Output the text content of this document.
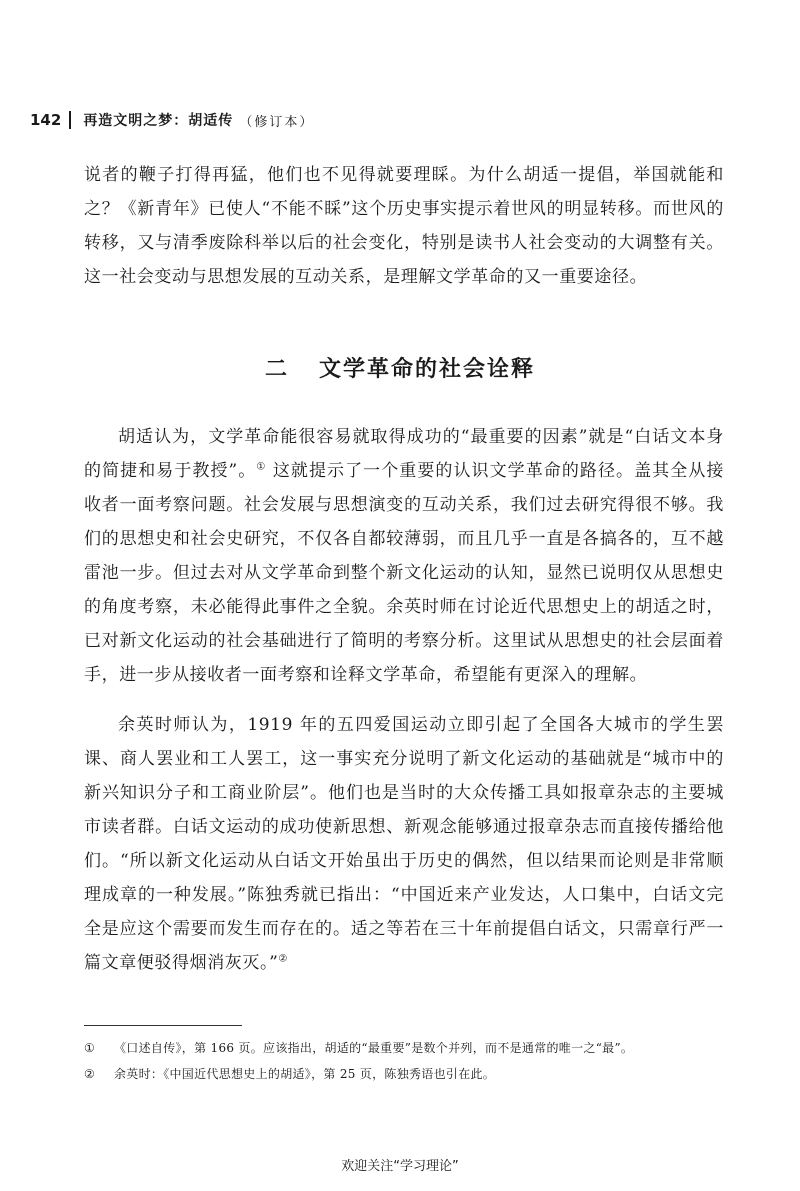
142 再造文明之梦：胡适传 （修订本）
说者的鞭子打得再猛，他们也不见得就要理睬。为什么胡适一提倡，举国就能和之？《新青年》已使人“不能不睬”这个历史事实提示着世风的明显转移。而世风的转移，又与清季废除科举以后的社会变化，特别是读书人社会变动的大调整有关。这一社会变动与思想发展的互动关系，是理解文学革命的又一重要途径。
二 文学革命的社会诠释

胡适认为，文学革命能很容易就取得成功的“最重要的因素”就是“白话文本身的简捷和易于教授”。① 这就提示了一个重要的认识文学革命的路径。盖其全从接收者一面考察问题。社会发展与思想演变的互动关系，我们过去研究得很不够。我们的思想史和社会史研究，不仅各自都较薄弱，而且几乎一直是各搞各的，互不越雷池一步。但过去对从文学革命到整个新文化运动的认知，显然已说明仅从思想史的角度考察，未必能得此事件之全貌。余英时师在讨论近代思想史上的胡适之时，已对新文化运动的社会基础进行了简明的考察分析。这里试从思想史的社会层面着手，进一步从接收者一面考察和诠释文学革命，希望能有更深入的理解。

余英时师认为，1919 年的五四爱国运动立即引起了全国各大城市的学生罢课、商人罢业和工人罢工，这一事实充分说明了新文化运动的基础就是“城市中的新兴知识分子和工商业阶层”。他们也是当时的大众传播工具如报章杂志的主要城市读者群。白话文运动的成功使新思想、新观念能够通过报章杂志而直接传播给他们。“所以新文化运动从白话文开始虽出于历史的偶然，但以结果而论则是非常顺理成章的一种发展。”陈独秀就已指出：“中国近来产业发达，人口集中，白话文完全是应这个需要而发生而存在的。适之等若在三十年前提倡白话文，只需章行严一篇文章便驳得烟消灰灭。”②

①	《口述自传》，第 166 页。应该指出，胡适的“最重要”是数个并列，而不是通常的唯一之“最”。
②	余英时：《中国近代思想史上的胡适》，第 25 页，陈独秀语也引在此。
欢迎关注“学习理论”
